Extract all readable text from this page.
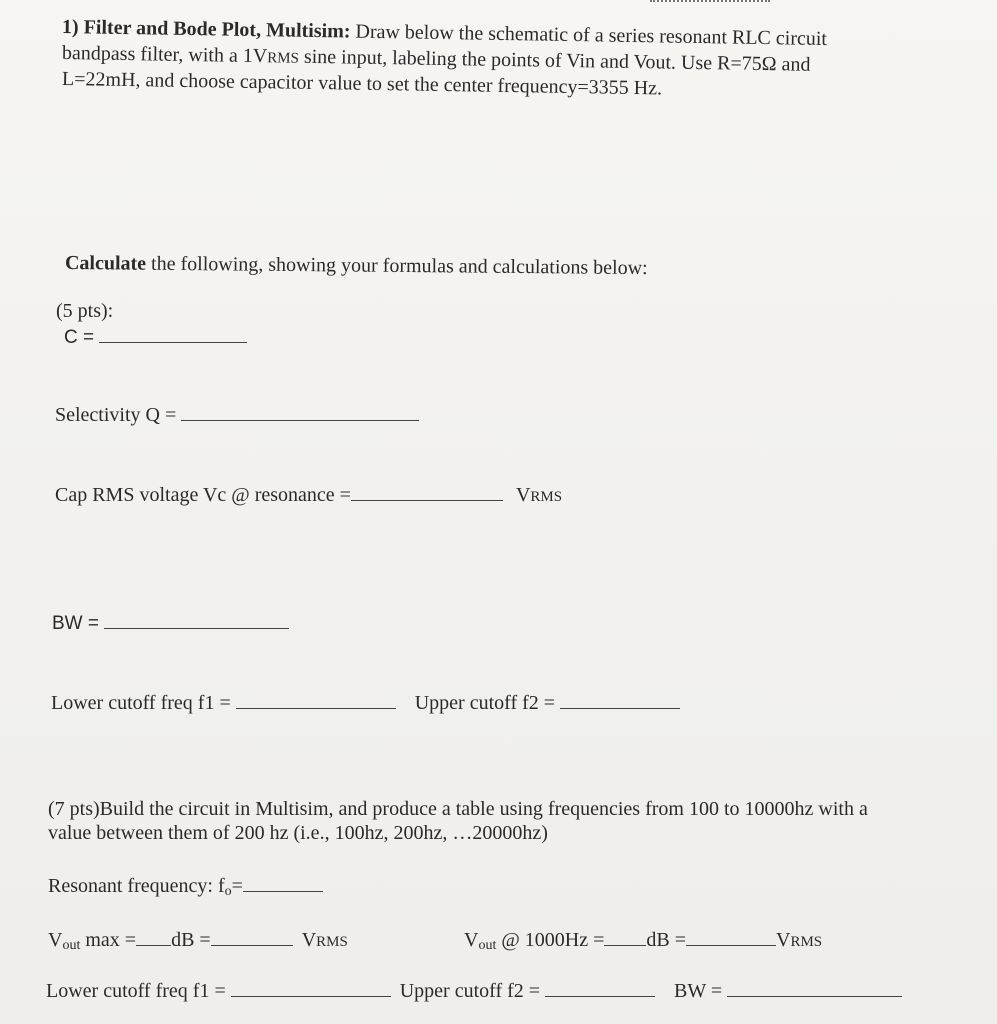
1) Filter and Bode Plot, Multisim: Draw below the schematic of a series resonant RLC circuit
bandpass filter, with a 1VRMS sine input, labeling the points of Vin and Vout. Use R=75Ω and
L=22mH, and choose capacitor value to set the center frequency=3355 Hz.
Calculate the following, showing your formulas and calculations below:
(5 pts):
C =
Selectivity Q =
Cap RMS voltage Vc @ resonance =	VRMS
BW =
Lower cutoff freq f1 =	Upper cutoff f2 =
(7 pts)Build the circuit in Multisim, and produce a table using frequencies from 100 to 10000hz with a
value between them of 200 hz (i.e., 100hz, 200hz, …20000hz)
Resonant frequency: fo=
Vout max = dB =	VRMS	Vout @ 1000Hz = dB =	VRMS
Lower cutoff freq f1 =	Upper cutoff f2 =	BW =
